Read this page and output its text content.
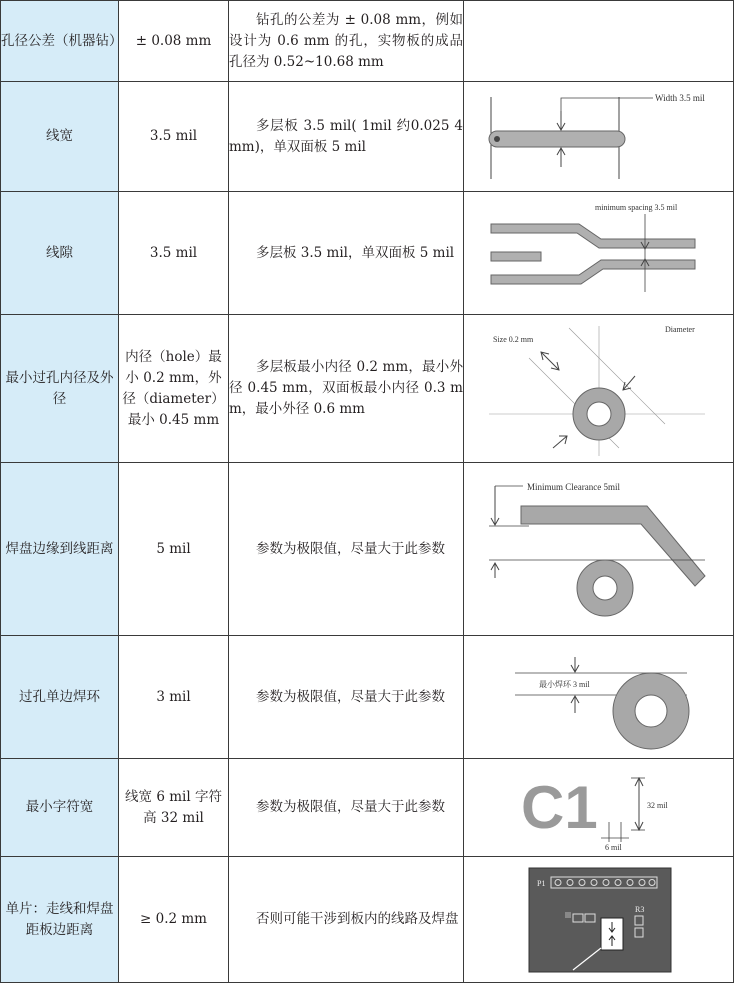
孔径公差（机器钻）	± 0.08 mm	钻孔的公差为 ± 0.08 mm，例如设计为 0.6 mm 的孔，实物板的成品孔径为 0.52~10.68 mm	
线宽	3.5 mil	多层板 3.5 mil( 1mil 约0.025 4 mm)，单双面板 5 mil	Width 3.5 mil

线隙	3.5 mil	多层板 3.5 mil，单双面板 5 mil	minimum spacing 3.5 mil

最小过孔内径及外径	内径（hole）最小 0.2 mm，外径（diameter）最小 0.45 mm	多层板最小内径 0.2 mm，最小外径 0.45 mm，双面板最小内径 0.3 mm，最小外径 0.6 mm	Size 0.2 mm
Diameter

焊盘边缘到线距离	5 mil	参数为极限值，尽量大于此参数	Minimum Clearance 5mil

过孔单边焊环	3 mil	参数为极限值，尽量大于此参数	最小焊环 3 mil

最小字符宽	线宽 6 mil 字符高 32 mil	参数为极限值，尽量大于此参数	C1 32 mil
6 mil

单片：走线和焊盘距板边距离	≥ 0.2 mm	否则可能干涉到板内的线路及焊盘	P1
R3
